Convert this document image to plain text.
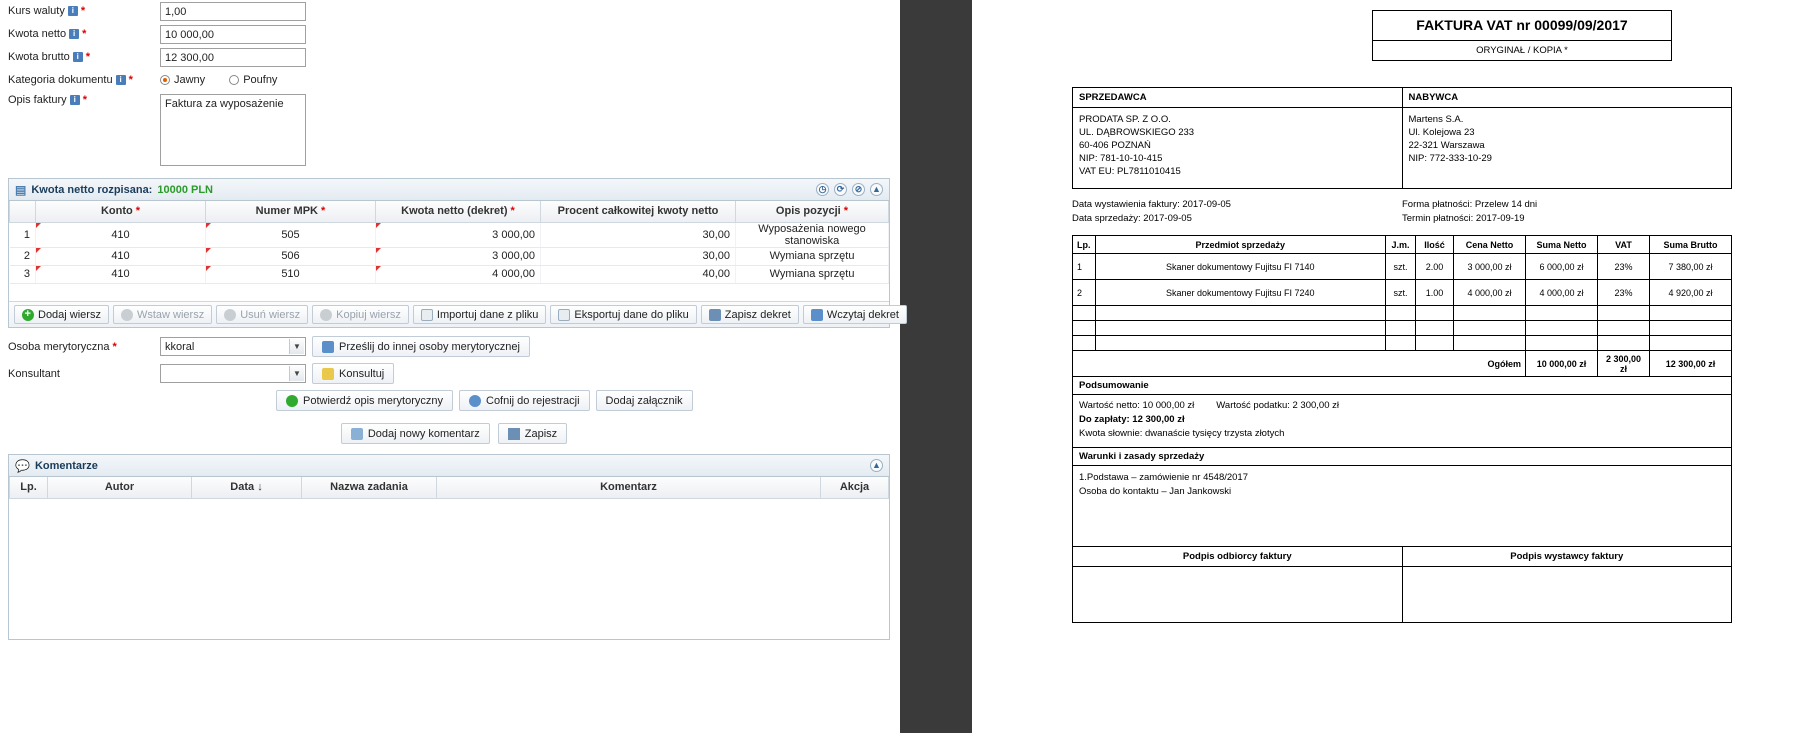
Kurs waluty i *	1,00
Kwota netto i *	10 000,00
Kwota brutto i *	12 300,00
Kategoria dokumentu i *	Jawny	Poufny
Opis faktury i *	Faktura za wyposażenie
▤ Kwota netto rozpisana: 10000 PLN	◷	⟳	⊘	▲
	Konto *	Numer MPK *	Kwota netto (dekret) *	Procent całkowitej kwoty netto	Opis pozycji *
1	410	505	3 000,00	30,00	Wyposażenia nowego stanowiska
2	410	506	3 000,00	30,00	Wymiana sprzętu
3	410	510	4 000,00	40,00	Wymiana sprzętu

+
Dodaj wiersz	Wstaw wiersz	Usuń wiersz	Kopiuj wiersz	Importuj dane z pliku	Eksportuj dane do pliku	Zapisz dekret	Wczytaj dekret
Osoba merytoryczna *	kkoral	▼	Prześlij do innej osoby merytorycznej
Konsultant	▼	Konsultuj
Potwierdź opis merytoryczny	Cofnij do rejestracji Dodaj załącznik
Dodaj nowy komentarz	Zapisz
💬 Komentarze	▲
Lp.	Autor	Data ↓	Nazwa zadania	Komentarz	Akcja
FAKTURA VAT nr 00099/09/2017
ORYGINAŁ / KOPIA *
SPRZEDAWCA
PRODATA SP. Z O.O.
UL. DĄBROWSKIEGO 233
60-406 POZNAŃ
NIP: 781-10-10-415
VAT EU: PL7811010415
NABYWCA
Martens S.A.
Ul. Kolejowa 23
22-321 Warszawa
NIP: 772-333-10-29
Data wystawienia faktury: 2017-09-05
Data sprzedaży: 2017-09-05
Forma płatności: Przelew 14 dni
Termin płatności: 2017-09-19
Lp.	Przedmiot sprzedaży	J.m.	Ilość	Cena Netto	Suma Netto	VAT	Suma Brutto
1	Skaner dokumentowy Fujitsu FI 7140	szt.	2.00	3 000,00 zł	6 000,00 zł	23%	7 380,00 zł
2	Skaner dokumentowy Fujitsu FI 7240	szt.	1.00	4 000,00 zł	4 000,00 zł	23%	4 920,00 zł

Ogółem					10 000,00 zł	2 300,00 zł	12 300,00 zł
Podsumowanie
Wartość netto: 10 000,00 zł Wartość podatku: 2 300,00 zł
Do zapłaty: 12 300,00 zł
Kwota słownie: dwanaście tysięcy trzysta złotych
Warunki i zasady sprzedaży
1.Podstawa – zamówienie nr 4548/2017
Osoba do kontaktu – Jan Jankowski
Podpis odbiorcy faktury	Podpis wystawcy faktury
